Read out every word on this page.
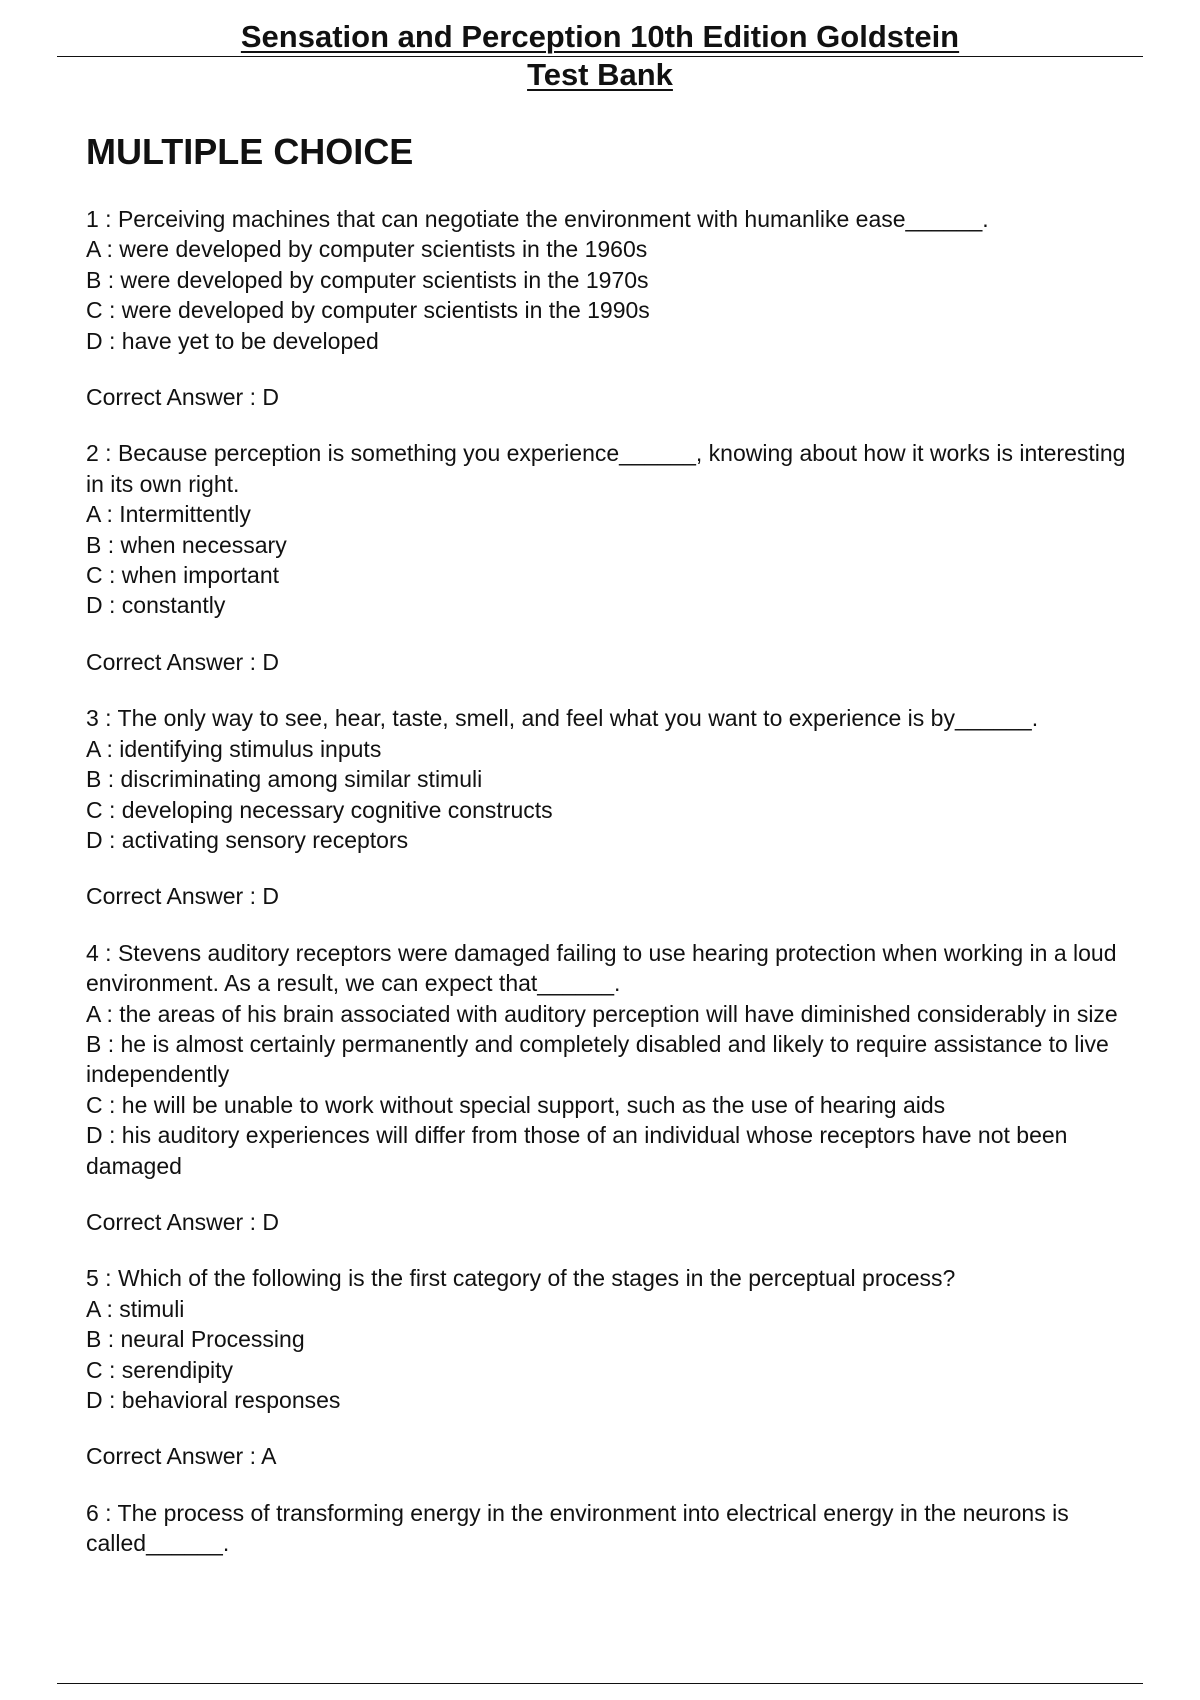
Sensation and Perception 10th Edition Goldstein
Test Bank
MULTIPLE CHOICE

1 : Perceiving machines that can negotiate the environment with humanlike ease______.

A : were developed by computer scientists in the 1960s

B : were developed by computer scientists in the 1970s

C : were developed by computer scientists in the 1990s

D : have yet to be developed

Correct Answer : D

2 : Because perception is something you experience______, knowing about how it works is interesting in its own right.

A : Intermittently

B : when necessary

C : when important

D : constantly

Correct Answer : D

3 : The only way to see, hear, taste, smell, and feel what you want to experience is by______.

A : identifying stimulus inputs

B : discriminating among similar stimuli

C : developing necessary cognitive constructs

D : activating sensory receptors

Correct Answer : D

4 : Stevens auditory receptors were damaged failing to use hearing protection when working in a loud environment. As a result, we can expect that______.

A : the areas of his brain associated with auditory perception will have diminished considerably in size

B : he is almost certainly permanently and completely disabled and likely to require assistance to live independently

C : he will be unable to work without special support, such as the use of hearing aids

D : his auditory experiences will differ from those of an individual whose receptors have not been damaged

Correct Answer : D

5 : Which of the following is the first category of the stages in the perceptual process?

A : stimuli

B : neural Processing

C : serendipity

D : behavioral responses

Correct Answer : A

6 : The process of transforming energy in the environment into electrical energy in the neurons is called______.
